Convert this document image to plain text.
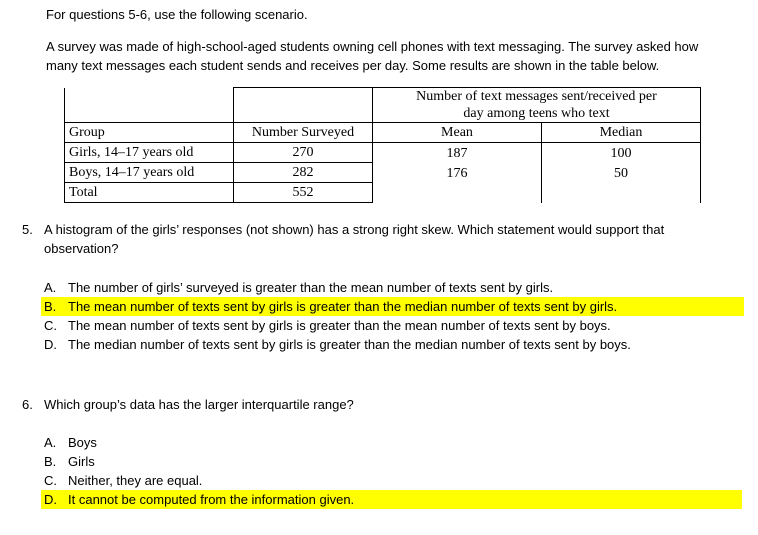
For questions 5-6, use the following scenario.
A survey was made of high-school-aged students owning cell phones with text messaging. The survey asked how
many text messages each student sends and receives per day. Some results are shown in the table below.

		Number of text messages sent/received per
day among teens who text	

Group	Number Surveyed	Mean	Median
Girls, 14–17 years old	270	187	100
Boys, 14–17 years old	282	176	50
Total	552		
5. A histogram of the girls’ responses (not shown) has a strong right skew. Which statement would support that
observation?
A. The number of girls’ surveyed is greater than the mean number of texts sent by girls.
B. The mean number of texts sent by girls is greater than the median number of texts sent by girls.
C. The mean number of texts sent by girls is greater than the mean number of texts sent by boys.
D. The median number of texts sent by girls is greater than the median number of texts sent by boys.
6. Which group’s data has the larger interquartile range?
A. Boys
B. Girls
C. Neither, they are equal.
D. It cannot be computed from the information given.
